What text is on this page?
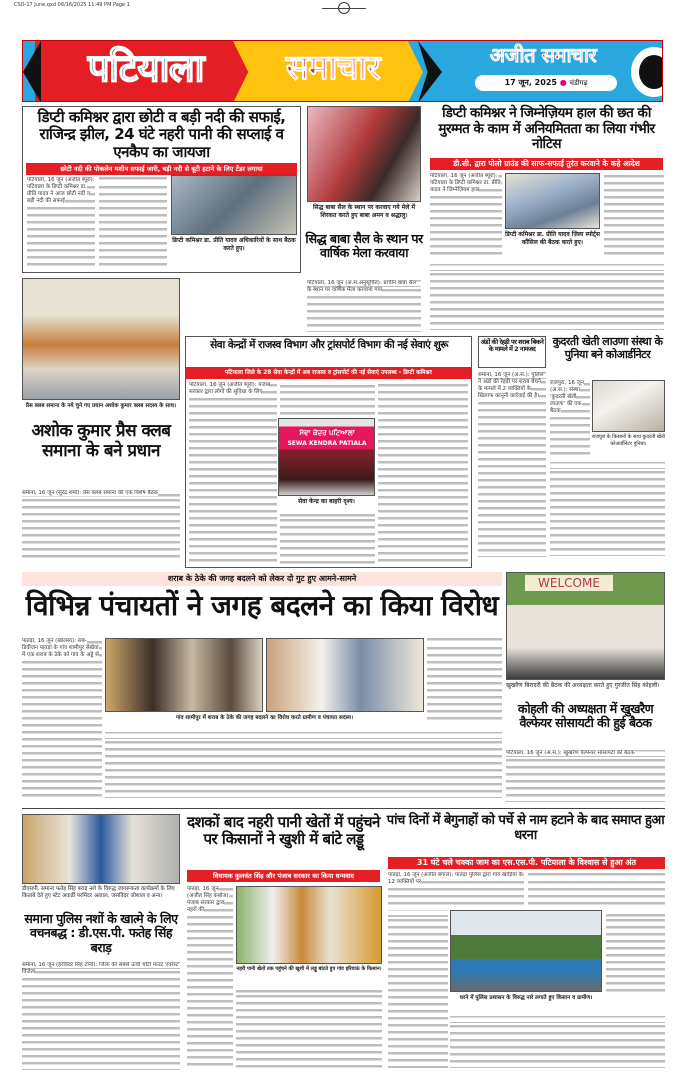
CSD-17 June.qxd 06/16/2025 11:49 PM Page 1
पटियाला	समाचार	अजीत समाचार
17 जून, 2025 ● चंडीगढ़
डिप्टी कमिश्नर द्वारा छोटी व बड़ी नदी की सफाई, राजिन्द्र झील, 24 घंटे नहरी पानी की सप्लाई व एनकैप का जायजा
छोटी नदी की पोकलेन मशीन सफाई जारी, बड़ी नदी से बूटी हटाने के लिए टेंडर लगाया
पटियाला, 16 जून (अजीत ब्यूरो): पटियाला के डिप्टी कमिश्नर डा. प्रीति यादव ने आज छोटी नदी व बड़ी नदी की सफाई
डिप्टी कमिश्नर डा. प्रीति यादव अधिकारियों के साथ बैठक करते हुए।
सिद्ध बाबा सैल के स्थान पर करवाए गये मेले में शिरकत करते हुए बाबा अमन व श्रद्धालु।
सिद्ध बाबा सैल के स्थान पर वार्षिक मेला करवाया
पटियाला, 16 जून (अ.स.अनुसूचित): प्राचीन बाबा सैल के स्थान पर वार्षिक मेला करवाया गया
डिप्टी कमिश्नर ने जिम्नेज़ियम हाल की छत की मुरम्मत के काम में अनियमितता का लिया गंभीर नोटिस
डी.सी. द्वारा पोलो ग्राउंड की साफ-सफाई तुरंत करवाने के कहे आदेश
पटियाला, 16 जून (अजीत ब्यूरो): पटियाला के डिप्टी कमिश्नर डा. प्रीति यादव ने जिम्नेज़ियम हाल
डिप्टी कमिश्नर डा. प्रीति यादव ज़िला स्पोर्ट्स कौंसिल की बैठक करते हुए।
प्रैस क्लब समाना के नये चुने गए प्रधान अशोक कुमार क्लब सदस्य के साथ।
अशोक कुमार प्रैस क्लब समाना के बने प्रधान
समाना, 16 जून (सुरेंद्र शर्मा): प्रैस क्लब समाना की एक विशेष बैठक
सेवा केन्द्रों में राजस्व विभाग और ट्रांसपोर्ट विभाग की नई सेवाएं शुरू
पटियाला जिले के 28 सेवा केन्द्रों में अब राजस्व व ट्रांसपोर्ट की नई सेवाएं उपलब्ध - डिप्टी कमिश्नर
पटियाला, 16 जून (अजीत ब्यूरो): पंजाब सरकार द्वारा लोगों की सुविधा के लिए
ਸੇਵਾ ਕੇਂਦਰ ਪਟਿਆਲਾ
SEWA KENDRA PATIALA
सेवा केन्द्र का बाहरी दृश्य।
अंडों की रेहड़ी पर शराब बिकने के मामले में 2 नामजद
समाना, 16 जून (अ.स.): पुलिस ने अंडों की रेहड़ी पर शराब बेचने के मामले में 2 व्यक्तियों के खिलाफ कानूनी कार्रवाई की है।
कुदरती खेती लाउणा संस्था के पुनिया बने कोआर्डीनेटर
राजपुरा, 16 जून (अ.स.): संस्था 'कुदरती खेती लाउणा' की एक बैठक
राजपुरा के किसानों के साथ कुदरती खेती कोआर्डीनेटर पुनिया।
शराब के ठेके की जगह बदलने को लेकर दो गुट हुए आमने-सामने
विभिन्न पंचायतों ने जगह बदलने का किया विरोध
पातड़ां, 16 जून (खालसा): सब-डिवीजन पातड़ां के गांव शामीपुर सेखेवां में एक शराब के ठेके को गांव के अड्डे से
गांव शामीपुर में शराब के ठेके की जगह बदलने का विरोध करते ग्रामीण व पंचायत सदस्य।
WELCOME
खुखरैण बिरादरी की बैठक की अध्यक्षता करते हुए गुरजीत सिंह कोहली।
कोहली की अध्यक्षता में खुखरैण वैल्फेयर सोसायटी की हुई बैठक
पटियाला, 16 जून (अ.स.): खुखरैण वैल्फेयर सोसायटी की बैठक
डीएसपी. समाना फतेह सिंह बराड़ नशे के विरुद्ध जागरूकता कार्यक्रमों के लिए किताबें देते हुए स्टेट अवार्डी परमिंदर अत्वाल, जसविंदर जोशाल व अन्य।
समाना पुलिस नशों के खात्मे के लिए वचनबद्ध : डी.एस.पी. फतेह सिंह बराड़
समाना, 16 जून (हरविंदर सिंह टोनी): जिला की सबसे ऊंची चोटी माउंट एवरेस्ट विजेता
दशकों बाद नहरी पानी खेतों में पहुंचने पर किसानों ने खुशी में बांटे लड्डू
विधायक कुलवंत सिंह और पंजाब सरकार का किया धन्यवाद
पातड़ां, 16 जून (अजीत सिंह कंबोज): पंजाब सरकार द्वारा नहरों की
नहरी पानी खेतों तक पहुंचने की खुशी में लड्डू बांटते हुए गांव हरियाऊं के किसान।
पांच दिनों में बेगुनाहों को पर्चे से नाम हटाने के बाद समाप्त हुआ धरना
31 घंटे चले चक्का जाम का एस.एस.पी. पटियाला के विश्वास से हुआ अंत
पातड़ां, 16 जून (अजीत बंगाल): पातड़ां पुलिस द्वारा गांव खाड़ियां के 12 व्यक्तियों पर
धरने में पुलिस प्रशासन के विरुद्ध नारे लगाते हुए किसान व ग्रामीण।
